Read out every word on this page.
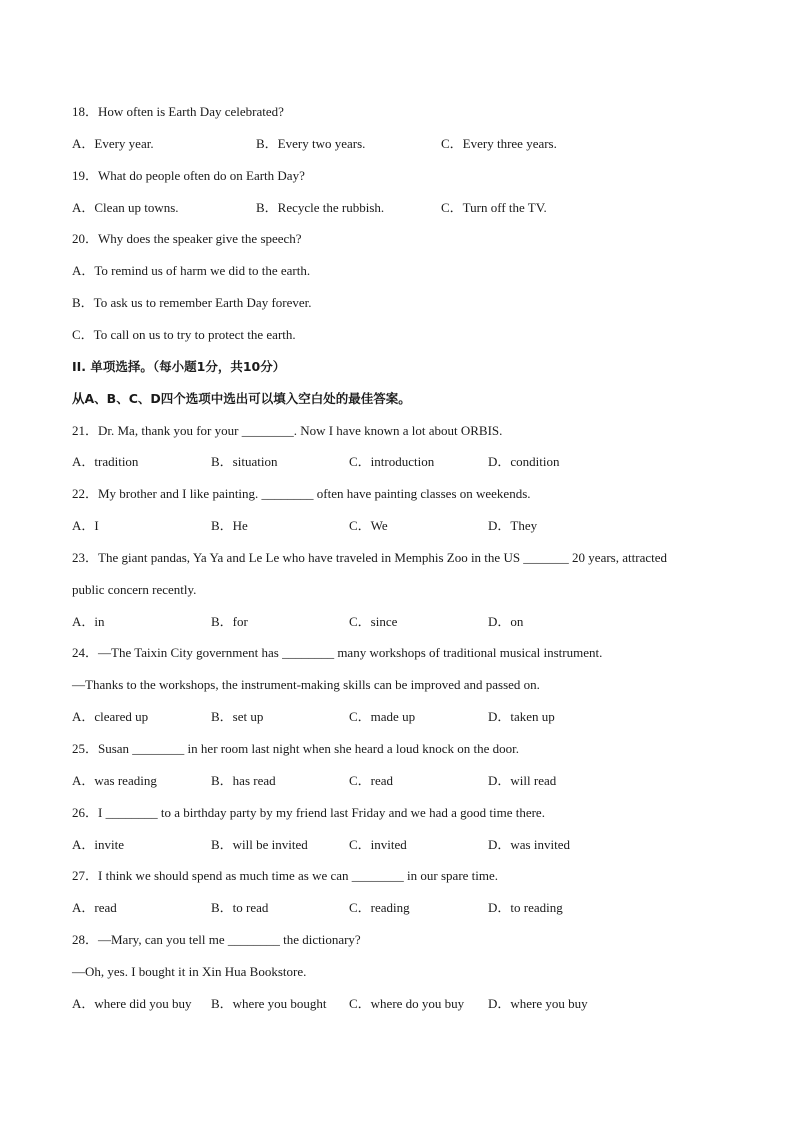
18．How often is Earth Day celebrated?
A．Every year.	B．Every two years.	C．Every three years.
19．What do people often do on Earth Day?
A．Clean up towns.	B．Recycle the rubbish.	C．Turn off the TV.
20．Why does the speaker give the speech?
A．To remind us of harm we did to the earth.
B．To ask us to remember Earth Day forever.
C．To call on us to try to protect the earth.
II. 单项选择。（每小题1分，共10分）
从A、B、C、D四个选项中选出可以填入空白处的最佳答案。
21．Dr. Ma, thank you for your ________. Now I have known a lot about ORBIS.
A．tradition	B．situation	C．introduction	D．condition
22．My brother and I like painting. ________ often have painting classes on weekends.
A．I	B．He	C．We	D．They
23．The giant pandas, Ya Ya and Le Le who have traveled in Memphis Zoo in the US _______ 20 years, attracted
public concern recently.
A．in	B．for	C．since	D．on
24．—The Taixin City government has ________ many workshops of traditional musical instrument.
—Thanks to the workshops, the instrument-making skills can be improved and passed on.
A．cleared up	B．set up	C．made up	D．taken up
25．Susan ________ in her room last night when she heard a loud knock on the door.
A．was reading	B．has read	C．read	D．will read
26．I ________ to a birthday party by my friend last Friday and we had a good time there.
A．invite	B．will be invited	C．invited	D．was invited
27．I think we should spend as much time as we can ________ in our spare time.
A．read	B．to read	C．reading	D．to reading
28．—Mary, can you tell me ________ the dictionary?
—Oh, yes. I bought it in Xin Hua Bookstore.
A．where did you buy B．where you bought C．where do you buy D．where you buy
